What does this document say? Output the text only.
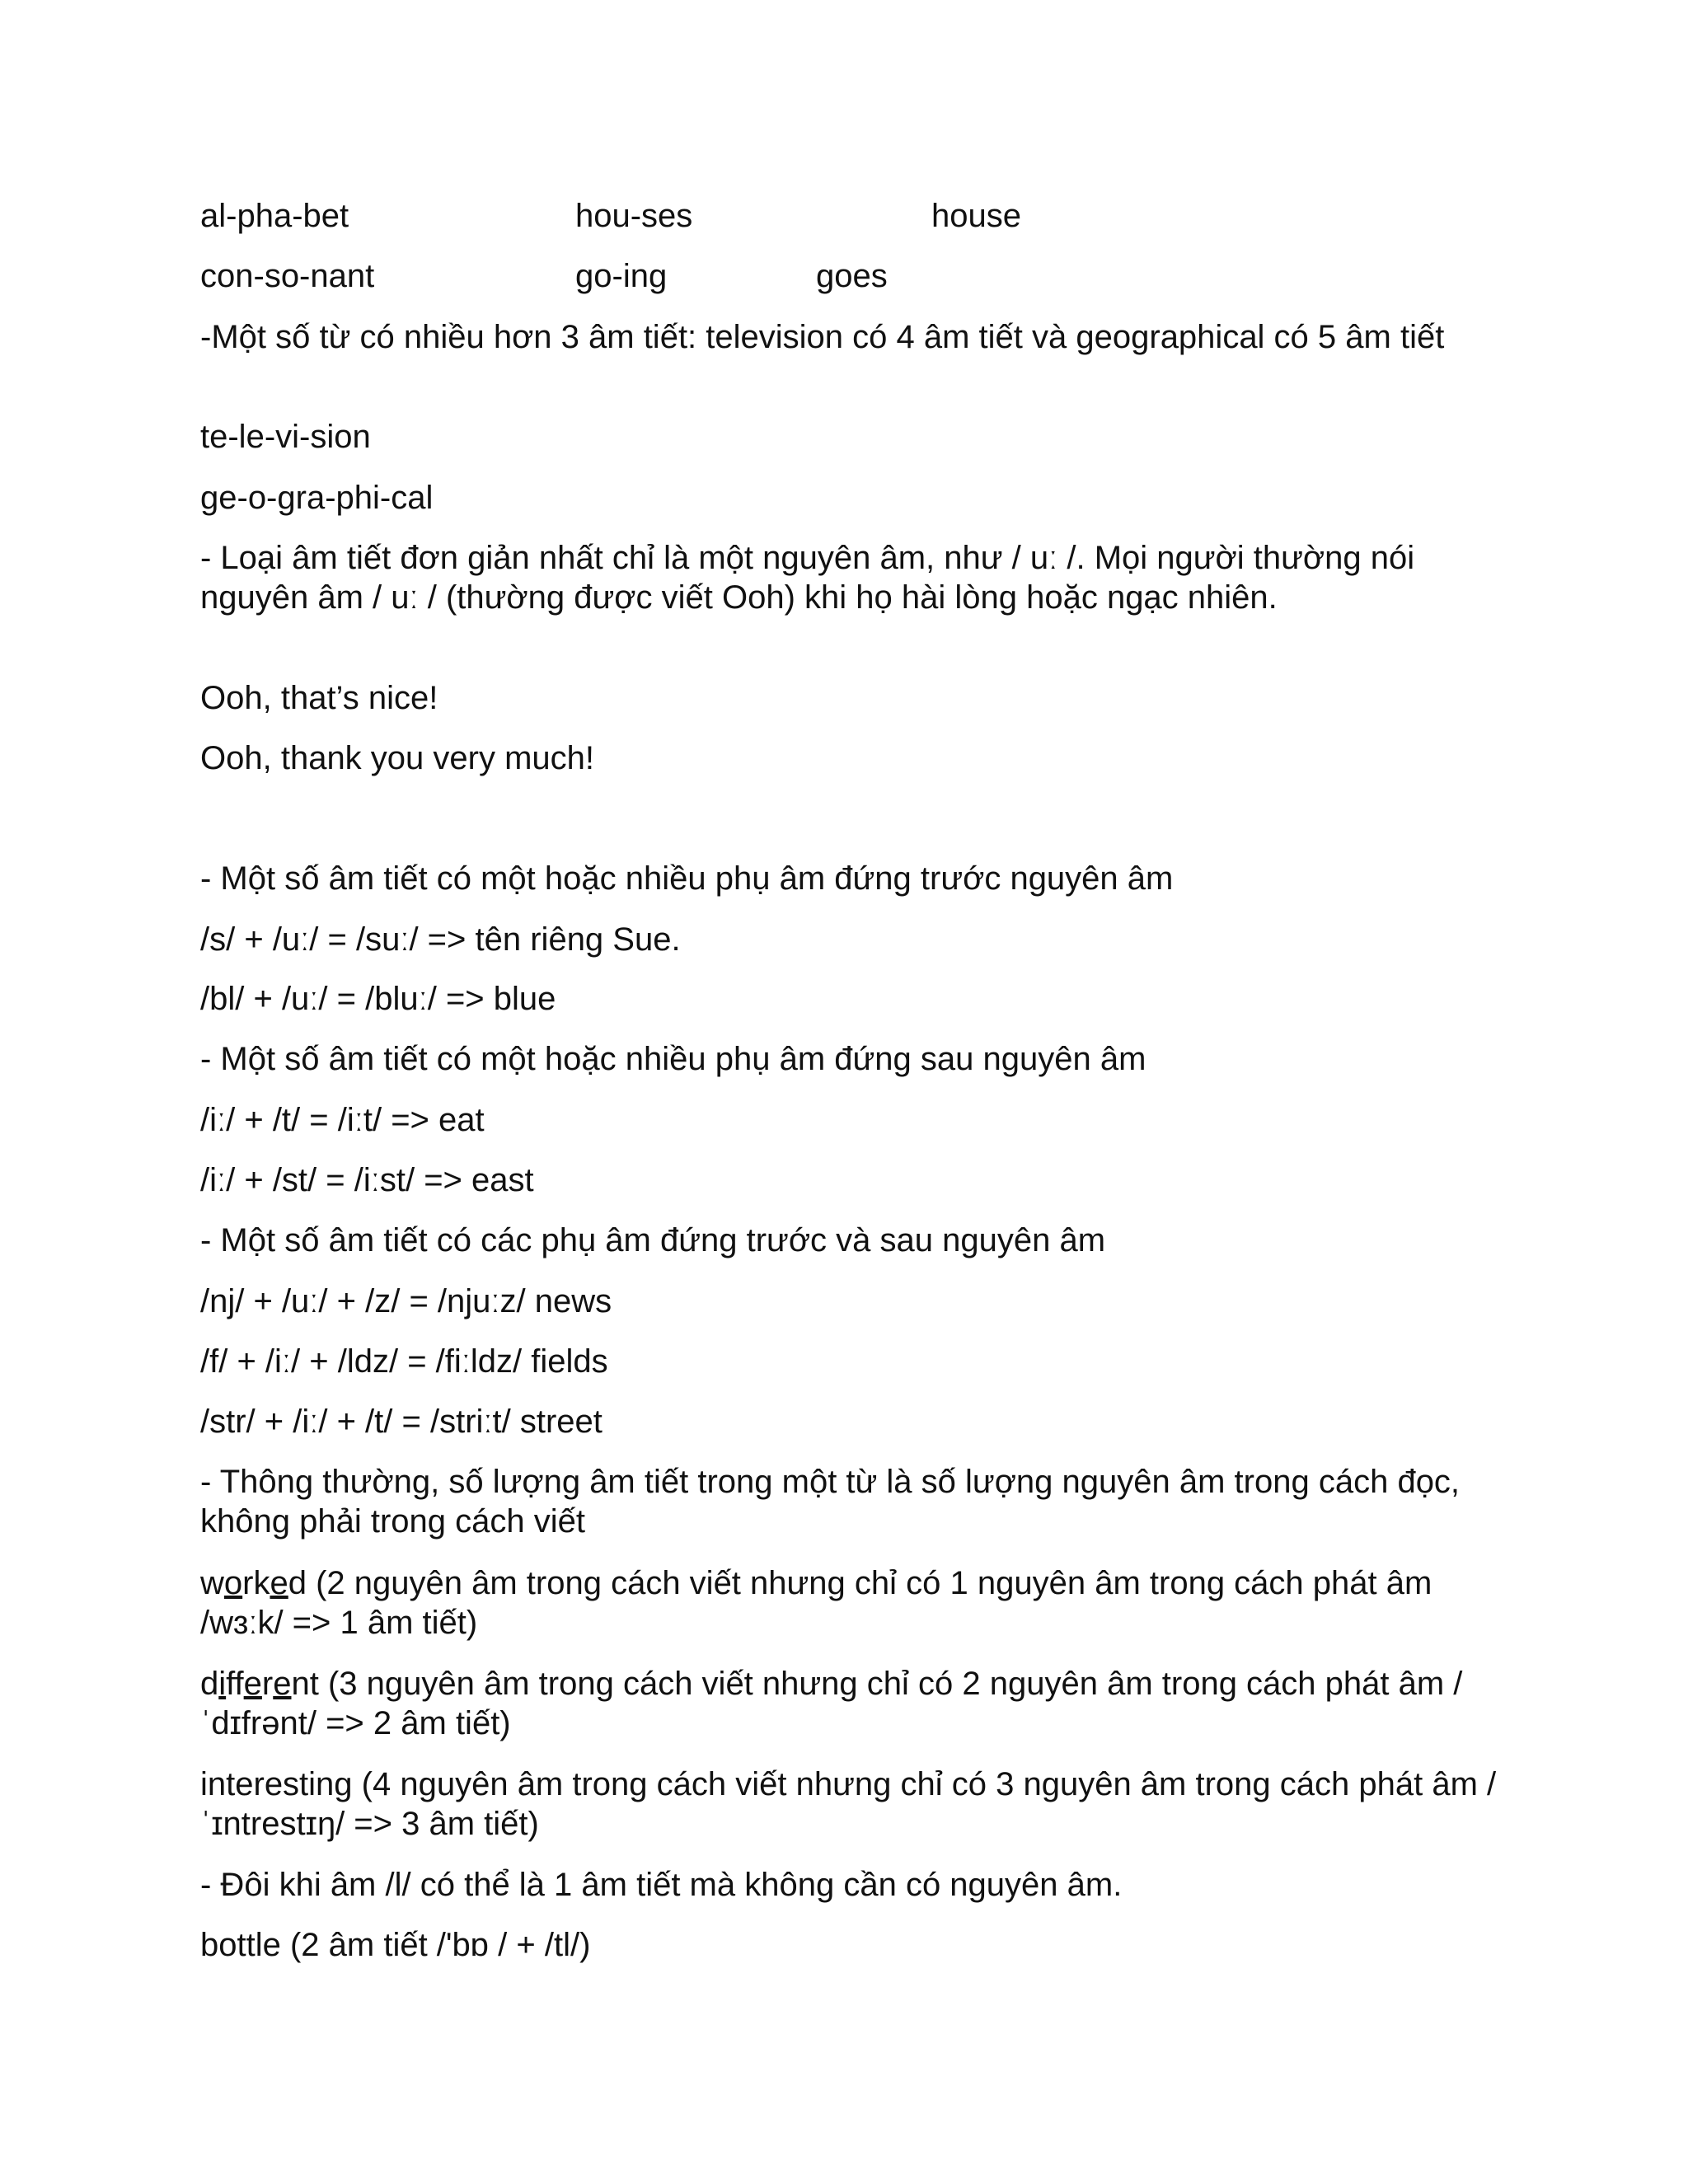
al-pha-bet	hou-ses	house
con-so-nant	go-ing	goes
-Một số từ có nhiều hơn 3 âm tiết: television có 4 âm tiết và geographical có 5 âm tiết
te-le-vi-sion
ge-o-gra-phi-cal
- Loại âm tiết đơn giản nhất chỉ là một nguyên âm, như / uː /. Mọi người thường nói nguyên âm / uː / (thường được viết Ooh) khi họ hài lòng hoặc ngạc nhiên.
Ooh, that’s nice!
Ooh, thank you very much!
- Một số âm tiết có một hoặc nhiều phụ âm đứng trước nguyên âm
/s/ + /uː/ = /suː/ => tên riêng Sue.
/bl/ + /uː/ = /bluː/ => blue
- Một số âm tiết có một hoặc nhiều phụ âm đứng sau nguyên âm
/iː/ + /t/ = /iːt/ => eat
/iː/ + /st/ = /iːst/ => east
- Một số âm tiết có các phụ âm đứng trước và sau nguyên âm
/nj/ + /uː/ + /z/ = /njuːz/ news
/f/ + /iː/ + /ldz/ = /fiːldz/ fields
/str/ + /iː/ + /t/ = /striːt/ street
- Thông thường, số lượng âm tiết trong một từ là số lượng nguyên âm trong cách đọc, không phải trong cách viết
worked (2 nguyên âm trong cách viết nhưng chỉ có 1 nguyên âm trong cách phát âm /wɜːk/ => 1 âm tiết)
different (3 nguyên âm trong cách viết nhưng chỉ có 2 nguyên âm trong cách phát âm /ˈdɪfrənt/ => 2 âm tiết)
interesting (4 nguyên âm trong cách viết nhưng chỉ có 3 nguyên âm trong cách phát âm /ˈɪntrestɪŋ/ => 3 âm tiết)
- Đôi khi âm /l/ có thể là 1 âm tiết mà không cần có nguyên âm.
bottle (2 âm tiết /'bɒ / + /tl/)
